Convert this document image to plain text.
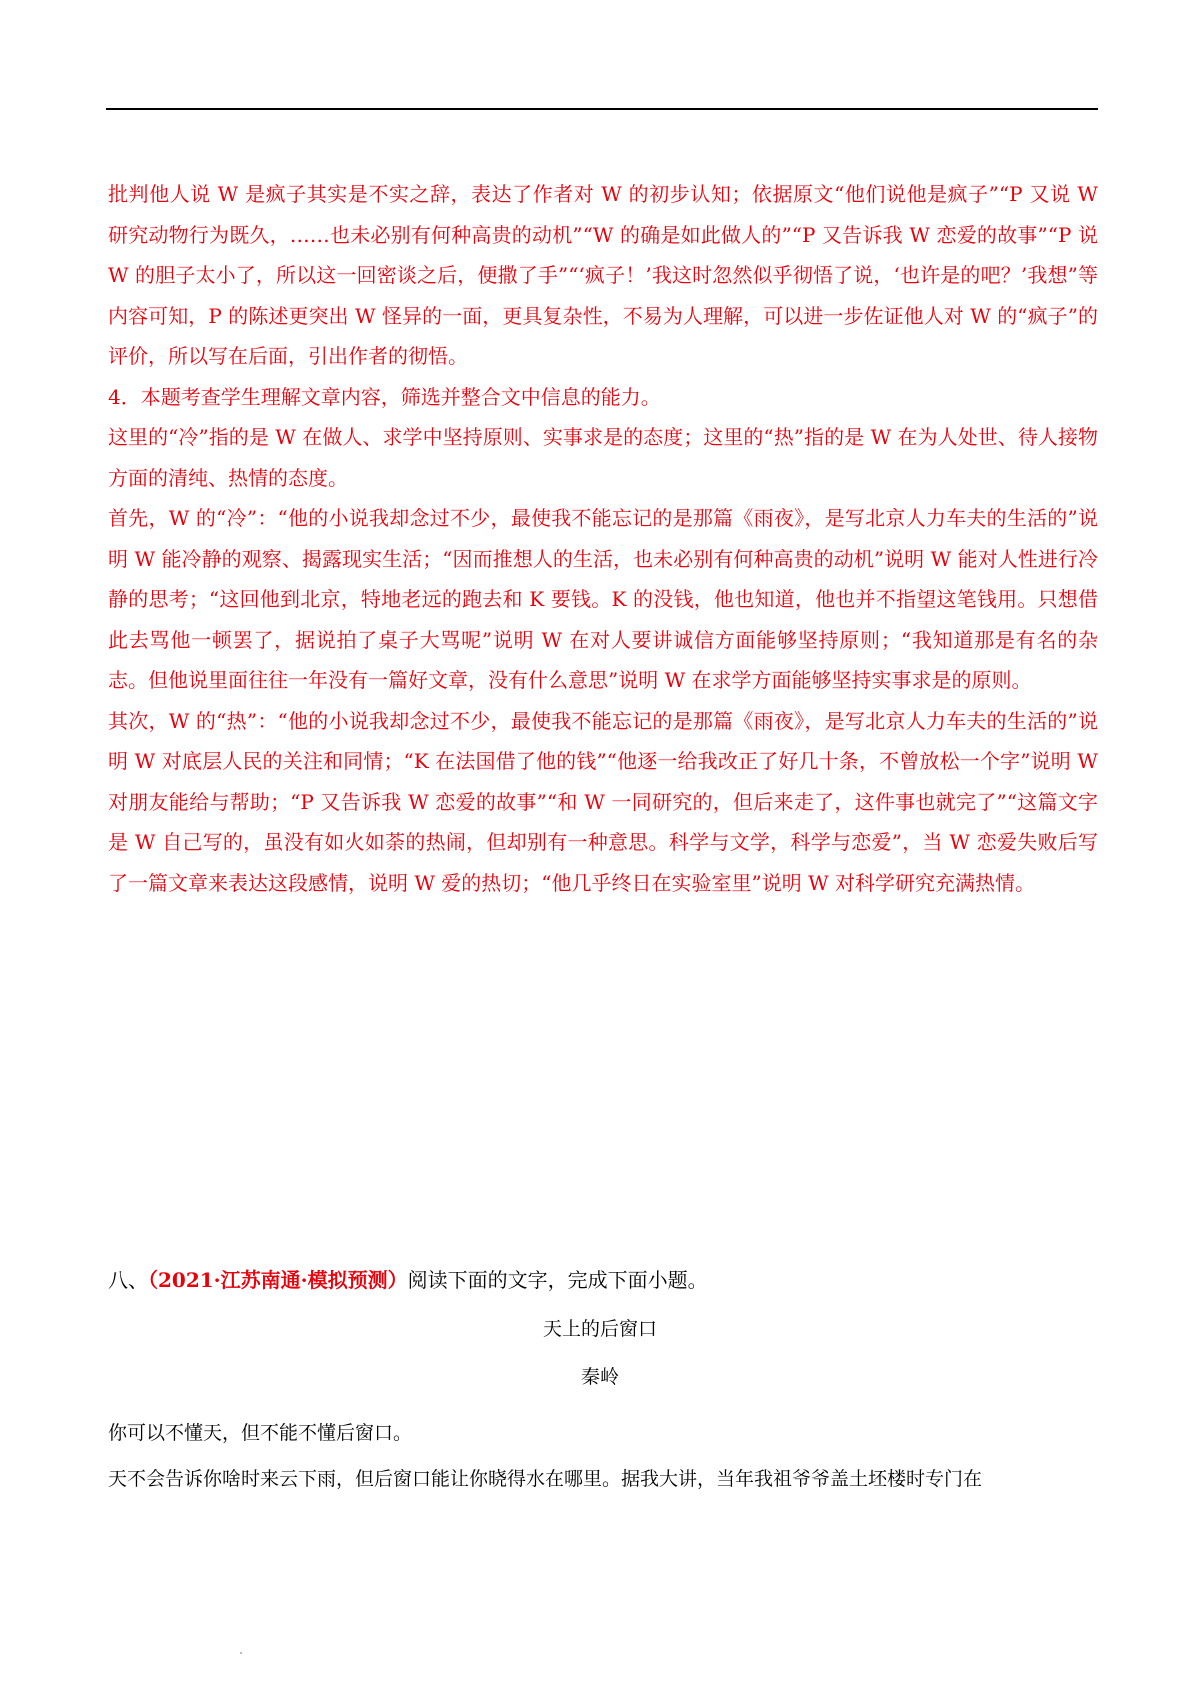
批判他人说 W 是疯子其实是不实之辞，表达了作者对 W 的初步认知；依据原文“他们说他是疯子”“P 又说 W 研究动物行为既久，……也未必别有何种高贵的动机”“W 的确是如此做人的”“P 又告诉我 W 恋爱的故事”“P 说 W 的胆子太小了，所以这一回密谈之后，便撒了手”“‘疯子！’我这时忽然似乎彻悟了说，‘也许是的吧？’我想”等内容可知，P 的陈述更突出 W 怪异的一面，更具复杂性，不易为人理解，可以进一步佐证他人对 W 的“疯子”的评价，所以写在后面，引出作者的彻悟。

4．本题考查学生理解文章内容，筛选并整合文中信息的能力。

这里的“冷”指的是 W 在做人、求学中坚持原则、实事求是的态度；这里的“热”指的是 W 在为人处世、待人接物方面的清纯、热情的态度。

首先，W 的“冷”：“他的小说我却念过不少，最使我不能忘记的是那篇《雨夜》，是写北京人力车夫的生活的”说明 W 能冷静的观察、揭露现实生活；“因而推想人的生活，也未必别有何种高贵的动机”说明 W 能对人性进行冷静的思考；“这回他到北京，特地老远的跑去和 K 要钱。K 的没钱，他也知道，他也并不指望这笔钱用。只想借此去骂他一顿罢了，据说拍了桌子大骂呢”说明 W 在对人要讲诚信方面能够坚持原则；“我知道那是有名的杂志。但他说里面往往一年没有一篇好文章，没有什么意思”说明 W 在求学方面能够坚持实事求是的原则。

其次，W 的“热”：“他的小说我却念过不少，最使我不能忘记的是那篇《雨夜》，是写北京人力车夫的生活的”说明 W 对底层人民的关注和同情；“K 在法国借了他的钱”“他逐一给我改正了好几十条，不曾放松一个字”说明 W 对朋友能给与帮助；“P 又告诉我 W 恋爱的故事”“和 W 一同研究的，但后来走了，这件事也就完了”“这篇文字是 W 自己写的，虽没有如火如荼的热闹，但却别有一种意思。科学与文学，科学与恋爱”，当 W 恋爱失败后写了一篇文章来表达这段感情，说明 W 爱的热切；“他几乎终日在实验室里”说明 W 对科学研究充满热情。

八、（2021·江苏南通·模拟预测）阅读下面的文字，完成下面小题。
天上的后窗口
秦岭

你可以不懂天，但不能不懂后窗口。

天不会告诉你啥时来云下雨，但后窗口能让你晓得水在哪里。据我大讲，当年我祖爷爷盖土坯楼时专门在
